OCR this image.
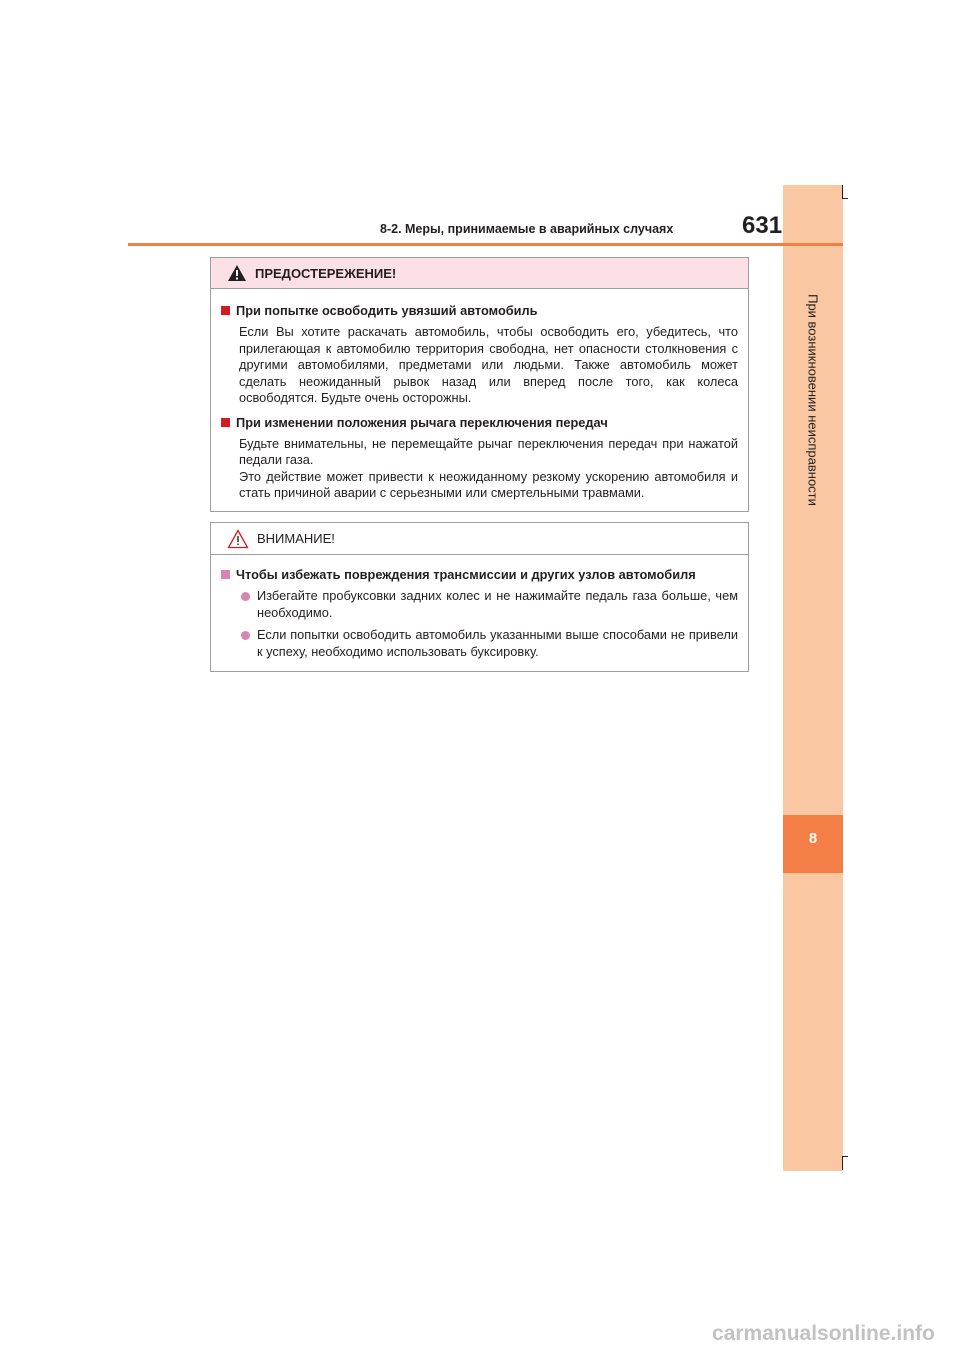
8
При возникновении неисправности
8-2. Меры, принимаемые в аварийных случаях	631
ПРЕДОСТЕРЕЖЕНИЕ!
При попытке освободить увязший автомобиль
Если Вы хотите раскачать автомобиль, чтобы освободить его, убедитесь, что прилегающая к автомобилю территория свободна, нет опасности столкновения с другими автомобилями, предметами или людьми. Также автомобиль может сделать неожиданный рывок назад или вперед после того, как колеса освободятся. Будьте очень осторожны.
При изменении положения рычага переключения передач
Будьте внимательны, не перемещайте рычаг переключения передач при нажатой педали газа.
Это действие может привести к неожиданному резкому ускорению автомобиля и стать причиной аварии с серьезными или смертельными травмами.
ВНИМАНИЕ!
Чтобы избежать повреждения трансмиссии и других узлов автомобиля
Избегайте пробуксовки задних колес и не нажимайте педаль газа больше, чем необходимо.
Если попытки освободить автомобиль указанными выше способами не привели к успеху, необходимо использовать буксировку.
carmanualsonline.info
